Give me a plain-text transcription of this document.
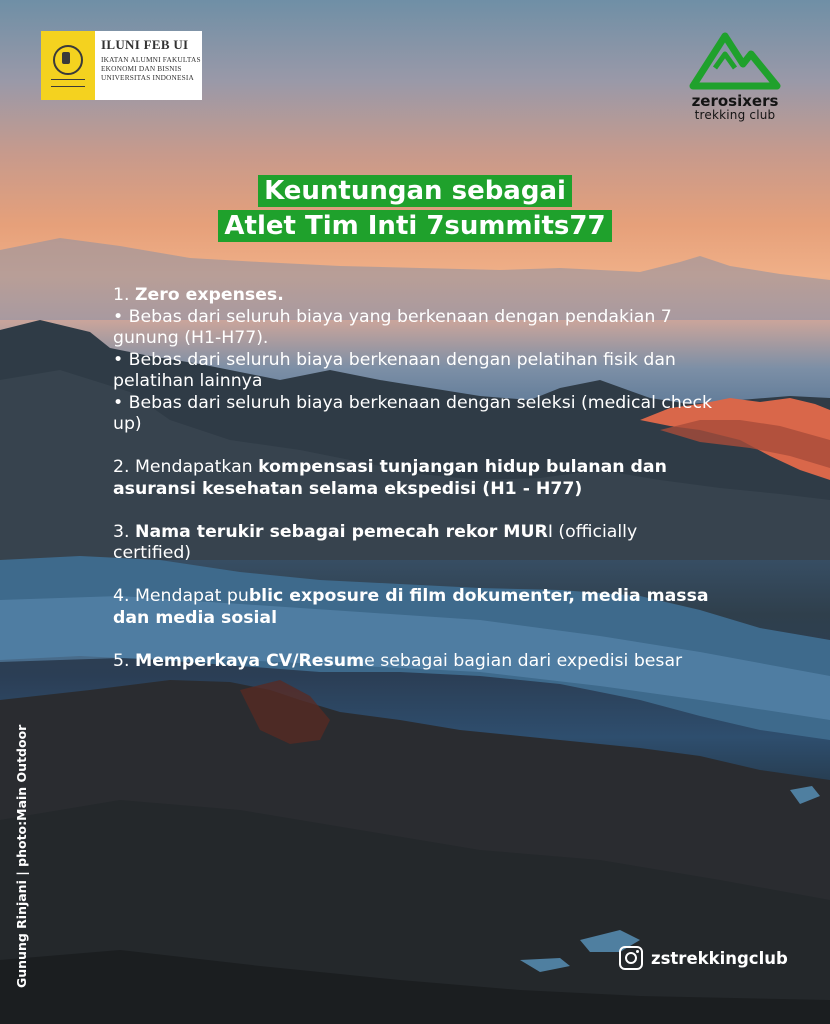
ILUNI FEB UI
IKATAN ALUMNI FAKULTAS
EKONOMI DAN BISNIS
UNIVERSITAS INDONESIA
zerosixers
trekking club
Keuntungan sebagai
Atlet Tim Inti 7summits77

1. Zero expenses.
• Bebas dari seluruh biaya yang berkenaan dengan pendakian 7 gunung (H1-H77).
• Bebas dari seluruh biaya berkenaan dengan pelatihan fisik dan pelatihan lainnya
• Bebas dari seluruh biaya berkenaan dengan seleksi (medical check up)

2. Mendapatkan kompensasi tunjangan hidup bulanan dan asuransi kesehatan selama ekspedisi (H1 - H77)

3. Nama terukir sebagai pemecah rekor MURI (officially certified)

4. Mendapat public exposure di film dokumenter, media massa dan media sosial

5. Memperkaya CV/Resume sebagai bagian dari expedisi besar

Gunung Rinjani | photo:Main Outdoor	zstrekkingclub
